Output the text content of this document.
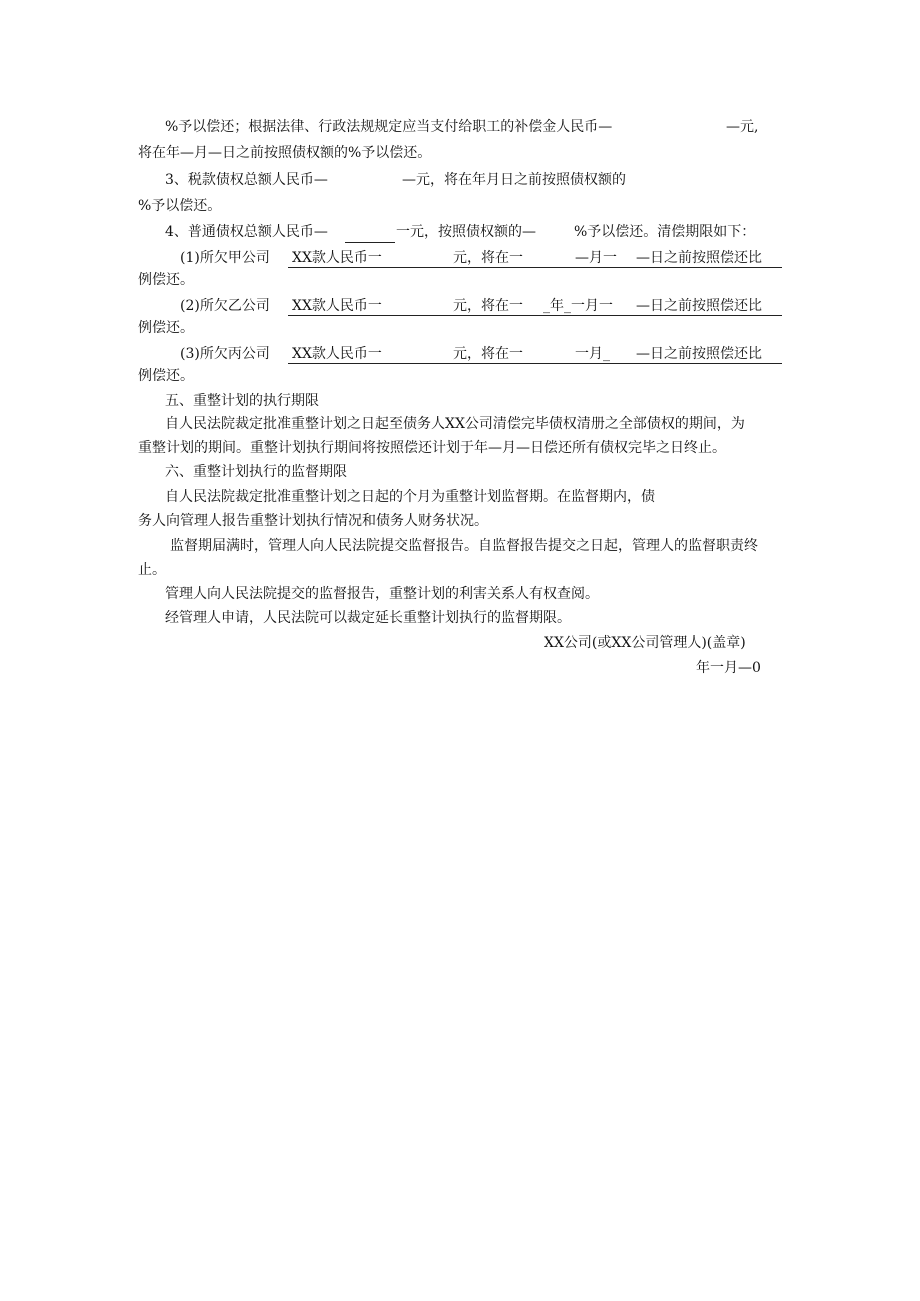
%予以偿还；根据法律、行政法规规定应当支付给职工的补偿金人民币—	—元,
将在年—月—日之前按照债权额的%予以偿还。
3、税款债权总额人民币—	—元，将在年月日之前按照债权额的
%予以偿还。
4、普通债权总额人民币—	一元，按照债权额的—	%予以偿还。清偿期限如下：
(1)所欠甲公司 XX款人民币一	元，将在一	—月一 —日之前按照偿还比
例偿还。
(2)所欠乙公司 XX款人民币一	元，将在一 _年_一月一 —日之前按照偿还比
例偿还。
(3)所欠丙公司 XX款人民币一	元，将在一	一月_ —日之前按照偿还比
例偿还。
五、重整计划的执行期限
自人民法院裁定批准重整计划之日起至债务人XX公司清偿完毕债权清册之全部债权的期间，为
重整计划的期间。重整计划执行期间将按照偿还计划于年—月—日偿还所有债权完毕之日终止。
六、重整计划执行的监督期限
自人民法院裁定批准重整计划之日起的个月为重整计划监督期。在监督期内，债
务人向管理人报告重整计划执行情况和债务人财务状况。
监督期届满时，管理人向人民法院提交监督报告。自监督报告提交之日起，管理人的监督职责终
止。
管理人向人民法院提交的监督报告，重整计划的利害关系人有权查阅。
经管理人申请，人民法院可以裁定延长重整计划执行的监督期限。
XX公司(或XX公司管理人)(盖章)
年一月—0
